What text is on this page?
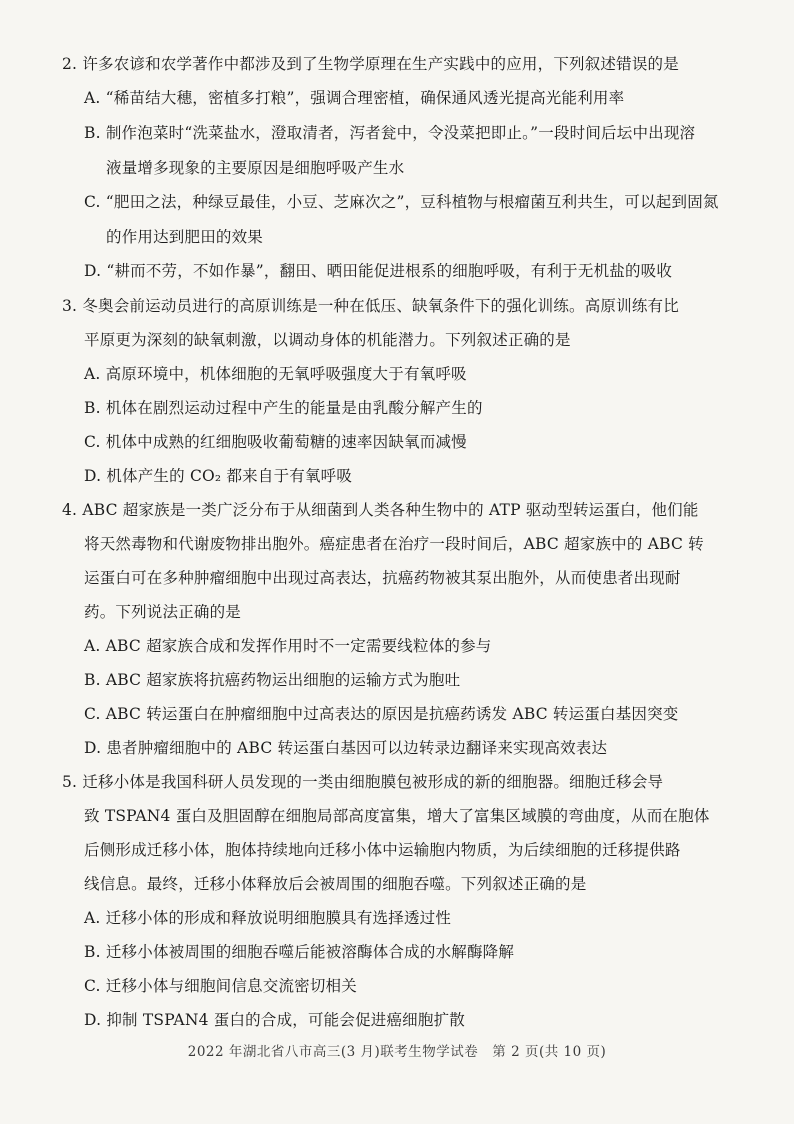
2. 许多农谚和农学著作中都涉及到了生物学原理在生产实践中的应用，下列叙述错误的是
A. “稀苗结大穗，密植多打粮”，强调合理密植，确保通风透光提高光能利用率
B. 制作泡菜时“洗菜盐水，澄取清者，泻者瓮中，令没菜把即止。”一段时间后坛中出现溶
液量增多现象的主要原因是细胞呼吸产生水
C. “肥田之法，种绿豆最佳，小豆、芝麻次之”，豆科植物与根瘤菌互利共生，可以起到固氮
的作用达到肥田的效果
D. “耕而不劳，不如作暴”，翻田、晒田能促进根系的细胞呼吸，有利于无机盐的吸收
3. 冬奥会前运动员进行的高原训练是一种在低压、缺氧条件下的强化训练。高原训练有比
平原更为深刻的缺氧刺激，以调动身体的机能潜力。下列叙述正确的是
A. 高原环境中，机体细胞的无氧呼吸强度大于有氧呼吸
B. 机体在剧烈运动过程中产生的能量是由乳酸分解产生的
C. 机体中成熟的红细胞吸收葡萄糖的速率因缺氧而减慢
D. 机体产生的 CO₂ 都来自于有氧呼吸
4. ABC 超家族是一类广泛分布于从细菌到人类各种生物中的 ATP 驱动型转运蛋白，他们能
将天然毒物和代谢废物排出胞外。癌症患者在治疗一段时间后，ABC 超家族中的 ABC 转
运蛋白可在多种肿瘤细胞中出现过高表达，抗癌药物被其泵出胞外，从而使患者出现耐
药。下列说法正确的是
A. ABC 超家族合成和发挥作用时不一定需要线粒体的参与
B. ABC 超家族将抗癌药物运出细胞的运输方式为胞吐
C. ABC 转运蛋白在肿瘤细胞中过高表达的原因是抗癌药诱发 ABC 转运蛋白基因突变
D. 患者肿瘤细胞中的 ABC 转运蛋白基因可以边转录边翻译来实现高效表达
5. 迁移小体是我国科研人员发现的一类由细胞膜包被形成的新的细胞器。细胞迁移会导
致 TSPAN4 蛋白及胆固醇在细胞局部高度富集，增大了富集区域膜的弯曲度，从而在胞体
后侧形成迁移小体，胞体持续地向迁移小体中运输胞内物质，为后续细胞的迁移提供路
线信息。最终，迁移小体释放后会被周围的细胞吞噬。下列叙述正确的是
A. 迁移小体的形成和释放说明细胞膜具有选择透过性
B. 迁移小体被周围的细胞吞噬后能被溶酶体合成的水解酶降解
C. 迁移小体与细胞间信息交流密切相关
D. 抑制 TSPAN4 蛋白的合成，可能会促进癌细胞扩散
2022 年湖北省八市高三(3 月)联考生物学试卷　第 2 页(共 10 页)
